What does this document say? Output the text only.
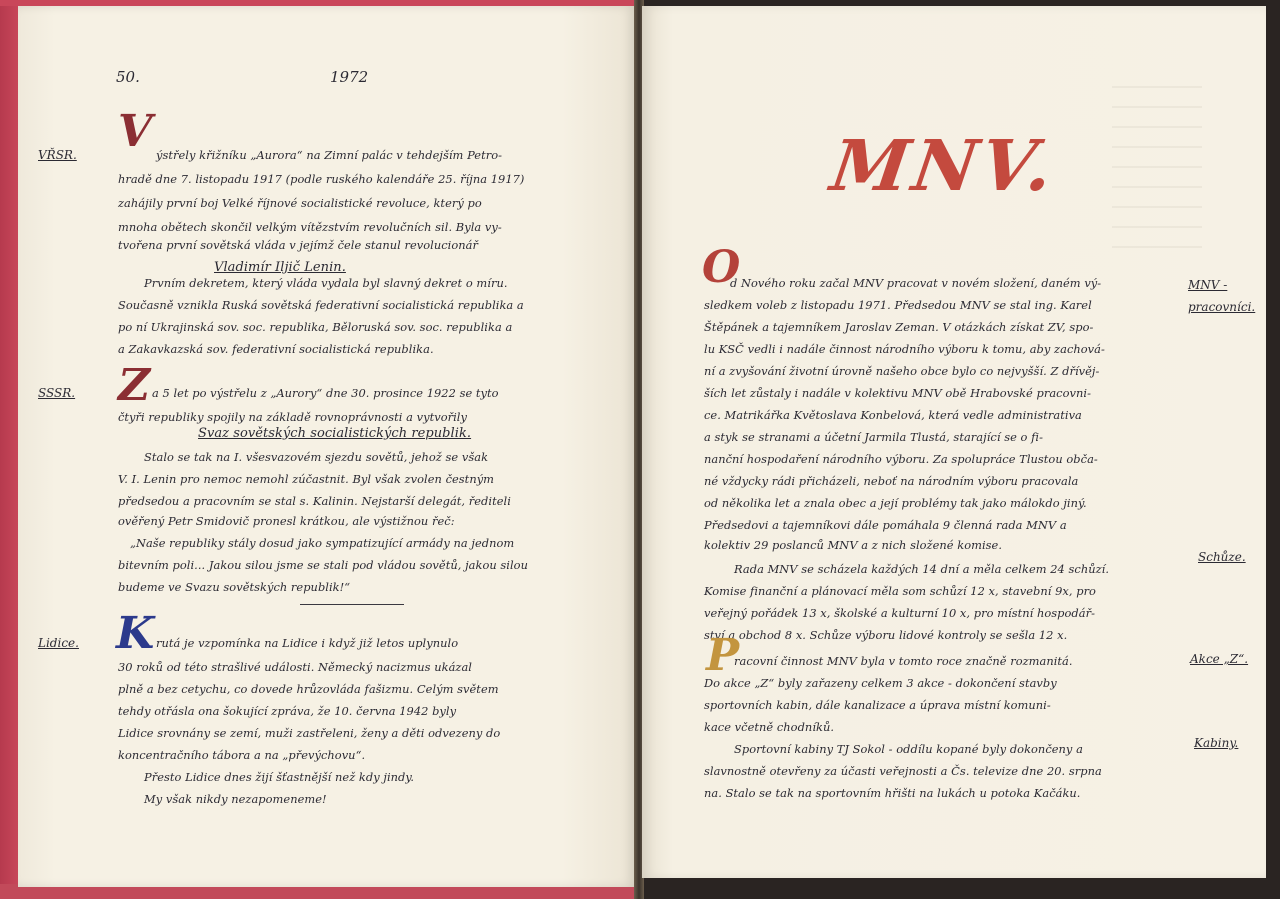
50.	1972
VŘSR. V ýstřely křižníku „Aurora“ na Zimní palác v tehdejším Petro-
hradě dne 7. listopadu 1917 (podle ruského kalendáře 25. října 1917)
zahájily první boj Velké říjnové socialistické revoluce, který po
mnoha obětech skončil velkým vítězstvím revolučních sil. Byla vy-
tvořena první sovětská vláda v jejímž čele stanul revolucionář
Vladimír Iljič Lenin.
Prvním dekretem, který vláda vydala byl slavný dekret o míru.
Současně vznikla Ruská sovětská federativní socialistická republika a
po ní Ukrajinská sov. soc. republika, Běloruská sov. soc. republika a
a Zakavkazská sov. federativní socialistická republika.
SSSR. Z a 5 let po výstřelu z „Aurory“ dne 30. prosince 1922 se tyto
čtyři republiky spojily na základě rovnoprávnosti a vytvořily
Svaz sovětských socialistických republik.
Stalo se tak na I. všesvazovém sjezdu sovětů, jehož se však
V. I. Lenin pro nemoc nemohl zúčastnit. Byl však zvolen čestným
předsedou a pracovním se stal s. Kalinin. Nejstarší delegát, řediteli
ověřený Petr Smidovič pronesl krátkou, ale výstižnou řeč:
„Naše republiky stály dosud jako sympatizující armády na jednom
bitevním poli... Jakou silou jsme se stali pod vládou sovětů, jakou silou
budeme ve Svazu sovětských republik!“
Lidice. K rutá je vzpomínka na Lidice i když již letos uplynulo
30 roků od této strašlivé události. Německý nacizmus ukázal
plně a bez cetychu, co dovede hrůzovláda fašizmu. Celým světem
tehdy otřásla ona šokující zpráva, že 10. června 1942 byly
Lidice srovnány se zemí, muži zastřeleni, ženy a děti odvezeny do
koncentračního tábora a na „převýchovu“.
Přesto Lidice dnes žijí šťastnější než kdy jindy.
My však nikdy nezapomeneme!
MNV.
O	MNV - pracovníci.
d Nového roku začal MNV pracovat v novém složení, daném vý-
sledkem voleb z listopadu 1971. Předsedou MNV se stal ing. Karel
Štěpánek a tajemníkem Jaroslav Zeman. V otázkách získat ZV, spo-
lu KSČ vedli i nadále činnost národního výboru k tomu, aby zachová-
ní a zvyšování životní úrovně našeho obce bylo co nejvyšší. Z dřívěj-
ších let zůstaly i nadále v kolektivu MNV obě Hrabovské pracovni-
ce. Matrikářka Květoslava Konbelová, která vedle administrativa
a styk se stranami a účetní Jarmila Tlustá, starající se o fi-
nanční hospodaření národního výboru. Za spolupráce Tlustou obča-
né vždycky rádi přicházeli, neboť na národním výboru pracovala
od několika let a znala obec a její problémy tak jako málokdo jiný.
Předsedovi a tajemníkovi dále pomáhala 9 členná rada MNV a
kolektiv 29 poslanců MNV a z nich složené komise.
Rada MNV se scházela každých 14 dní a měla celkem 24 schůzí.
Schůze.
Komise finanční a plánovací měla som schůzí 12 x, stavební 9x, pro
veřejný pořádek 13 x, školské a kulturní 10 x, pro místní hospodář-
ství a obchod 8 x. Schůze výboru lidové kontroly se sešla 12 x.
P	Akce „Z“.
racovní činnost MNV byla v tomto roce značně rozmanitá.
Do akce „Z“ byly zařazeny celkem 3 akce - dokončení stavby
sportovních kabin, dále kanalizace a úprava místní komuni-
kace včetně chodníků.
Kabiny.
Sportovní kabiny TJ Sokol - oddílu kopané byly dokončeny a
slavnostně otevřeny za účasti veřejnosti a Čs. televize dne 20. srpna
na. Stalo se tak na sportovním hřišti na lukách u potoka Kačáku.
